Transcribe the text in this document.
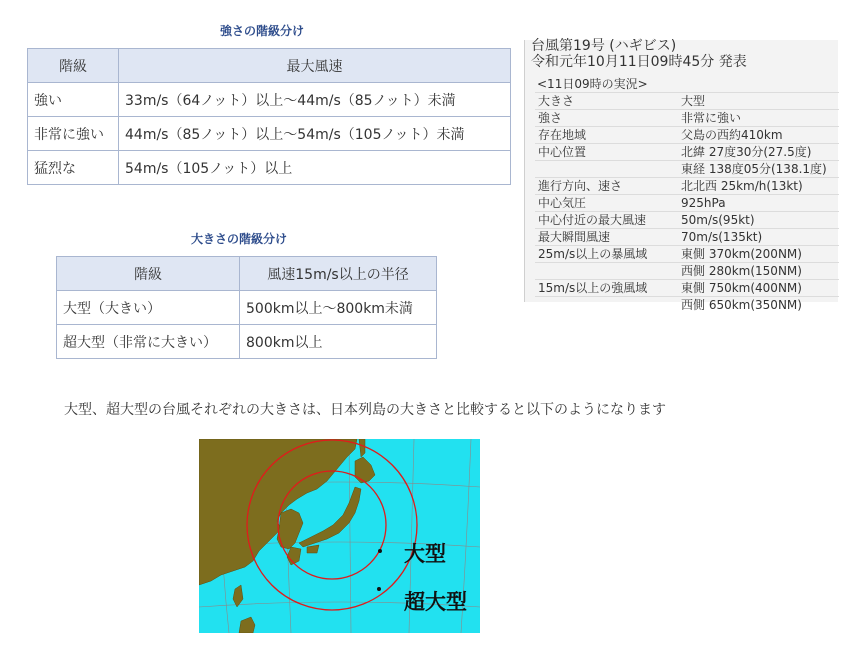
強さの階級分け
階級	最大風速
強い	33m/s（64ノット）以上～44m/s（85ノット）未満
非常に強い	44m/s（85ノット）以上～54m/s（105ノット）未満
猛烈な	54m/s（105ノット）以上
大きさの階級分け
階級	風速15m/s以上の半径
大型（大きい）	500km以上～800km未満
超大型（非常に大きい）	800km以上
台風第19号 (ハギビス)
令和元年10月11日09時45分 発表
<11日09時の実況>
大きさ	大型
強さ	非常に強い
存在地域	父島の西約410km
中心位置	北緯 27度30分(27.5度)
東経 138度05分(138.1度)
進行方向、速さ	北北西 25km/h(13kt)
中心気圧	925hPa
中心付近の最大風速	50m/s(95kt)
最大瞬間風速	70m/s(135kt)
25m/s以上の暴風域	東側 370km(200NM)
西側 280km(150NM)
15m/s以上の強風域	東側 750km(400NM)
西側 650km(350NM)
大型、超大型の台風それぞれの大きさは、日本列島の大きさと比較すると以下のようになります
大型
超大型
